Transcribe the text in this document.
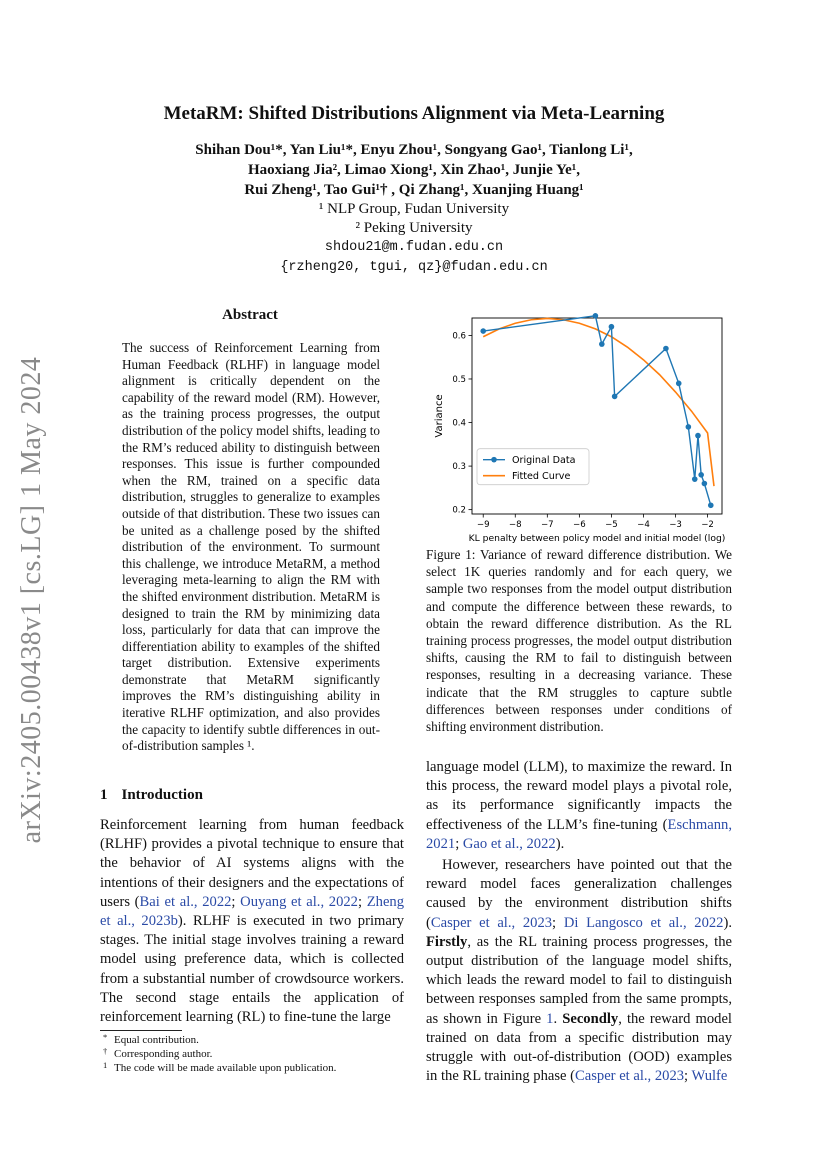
arXiv:2405.00438v1 [cs.LG] 1 May 2024
MetaRM: Shifted Distributions Alignment via Meta-Learning
Shihan Dou¹*, Yan Liu¹*, Enyu Zhou¹, Songyang Gao¹, Tianlong Li¹,
Haoxiang Jia², Limao Xiong¹, Xin Zhao¹, Junjie Ye¹,
Rui Zheng¹, Tao Gui¹† , Qi Zhang¹, Xuanjing Huang¹
¹ NLP Group, Fudan University
² Peking University
shdou21@m.fudan.edu.cn
{rzheng20, tgui, qz}@fudan.edu.cn
Abstract
The success of Reinforcement Learning from Human Feedback (RLHF) in language model alignment is critically dependent on the capability of the reward model (RM). However, as the training process progresses, the output distribution of the policy model shifts, leading to the RM’s reduced ability to distinguish between responses. This issue is further compounded when the RM, trained on a specific data distribution, struggles to generalize to examples outside of that distribution. These two issues can be united as a challenge posed by the shifted distribution of the environment. To surmount this challenge, we introduce MetaRM, a method leveraging meta-learning to align the RM with the shifted environment distribution. MetaRM is designed to train the RM by minimizing data loss, particularly for data that can improve the differentiation ability to examples of the shifted target distribution. Extensive experiments demonstrate that MetaRM significantly improves the RM’s distinguishing ability in iterative RLHF optimization, and also provides the capacity to identify subtle differences in out-of-distribution samples ¹.
1 Introduction
Reinforcement learning from human feedback (RLHF) provides a pivotal technique to ensure that the behavior of AI systems aligns with the intentions of their designers and the expectations of users (Bai et al., 2022; Ouyang et al., 2022; Zheng et al., 2023b). RLHF is executed in two primary stages. The initial stage involves training a reward model using preference data, which is collected from a substantial number of crowdsource workers. The second stage entails the application of reinforcement learning (RL) to fine-tune the large
* Equal contribution.
† Corresponding author.
1 The code will be made available upon publication.
−9 −8 −7 −6 −5 −4 −3 −2
0.2
0.3
0.4
0.5
0.6
Original Data
Fitted Curve
KL penalty between policy model and initial model (log)
Variance
Figure 1: Variance of reward difference distribution. We select 1K queries randomly and for each query, we sample two responses from the model output distribution and compute the difference between these rewards, to obtain the reward difference distribution. As the RL training process progresses, the model output distribution shifts, causing the RM to fail to distinguish between responses, resulting in a decreasing variance. These indicate that the RM struggles to capture subtle differences between responses under conditions of shifting environment distribution.
language model (LLM), to maximize the reward. In this process, the reward model plays a pivotal role, as its performance significantly impacts the effectiveness of the LLM’s fine-tuning (Eschmann, 2021; Gao et al., 2022).
However, researchers have pointed out that the reward model faces generalization challenges caused by the environment distribution shifts (Casper et al., 2023; Di Langosco et al., 2022). Firstly, as the RL training process progresses, the output distribution of the language model shifts, which leads the reward model to fail to distinguish between responses sampled from the same prompts, as shown in Figure 1. Secondly, the reward model trained on data from a specific distribution may struggle with out-of-distribution (OOD) examples in the RL training phase (Casper et al., 2023; Wulfe
